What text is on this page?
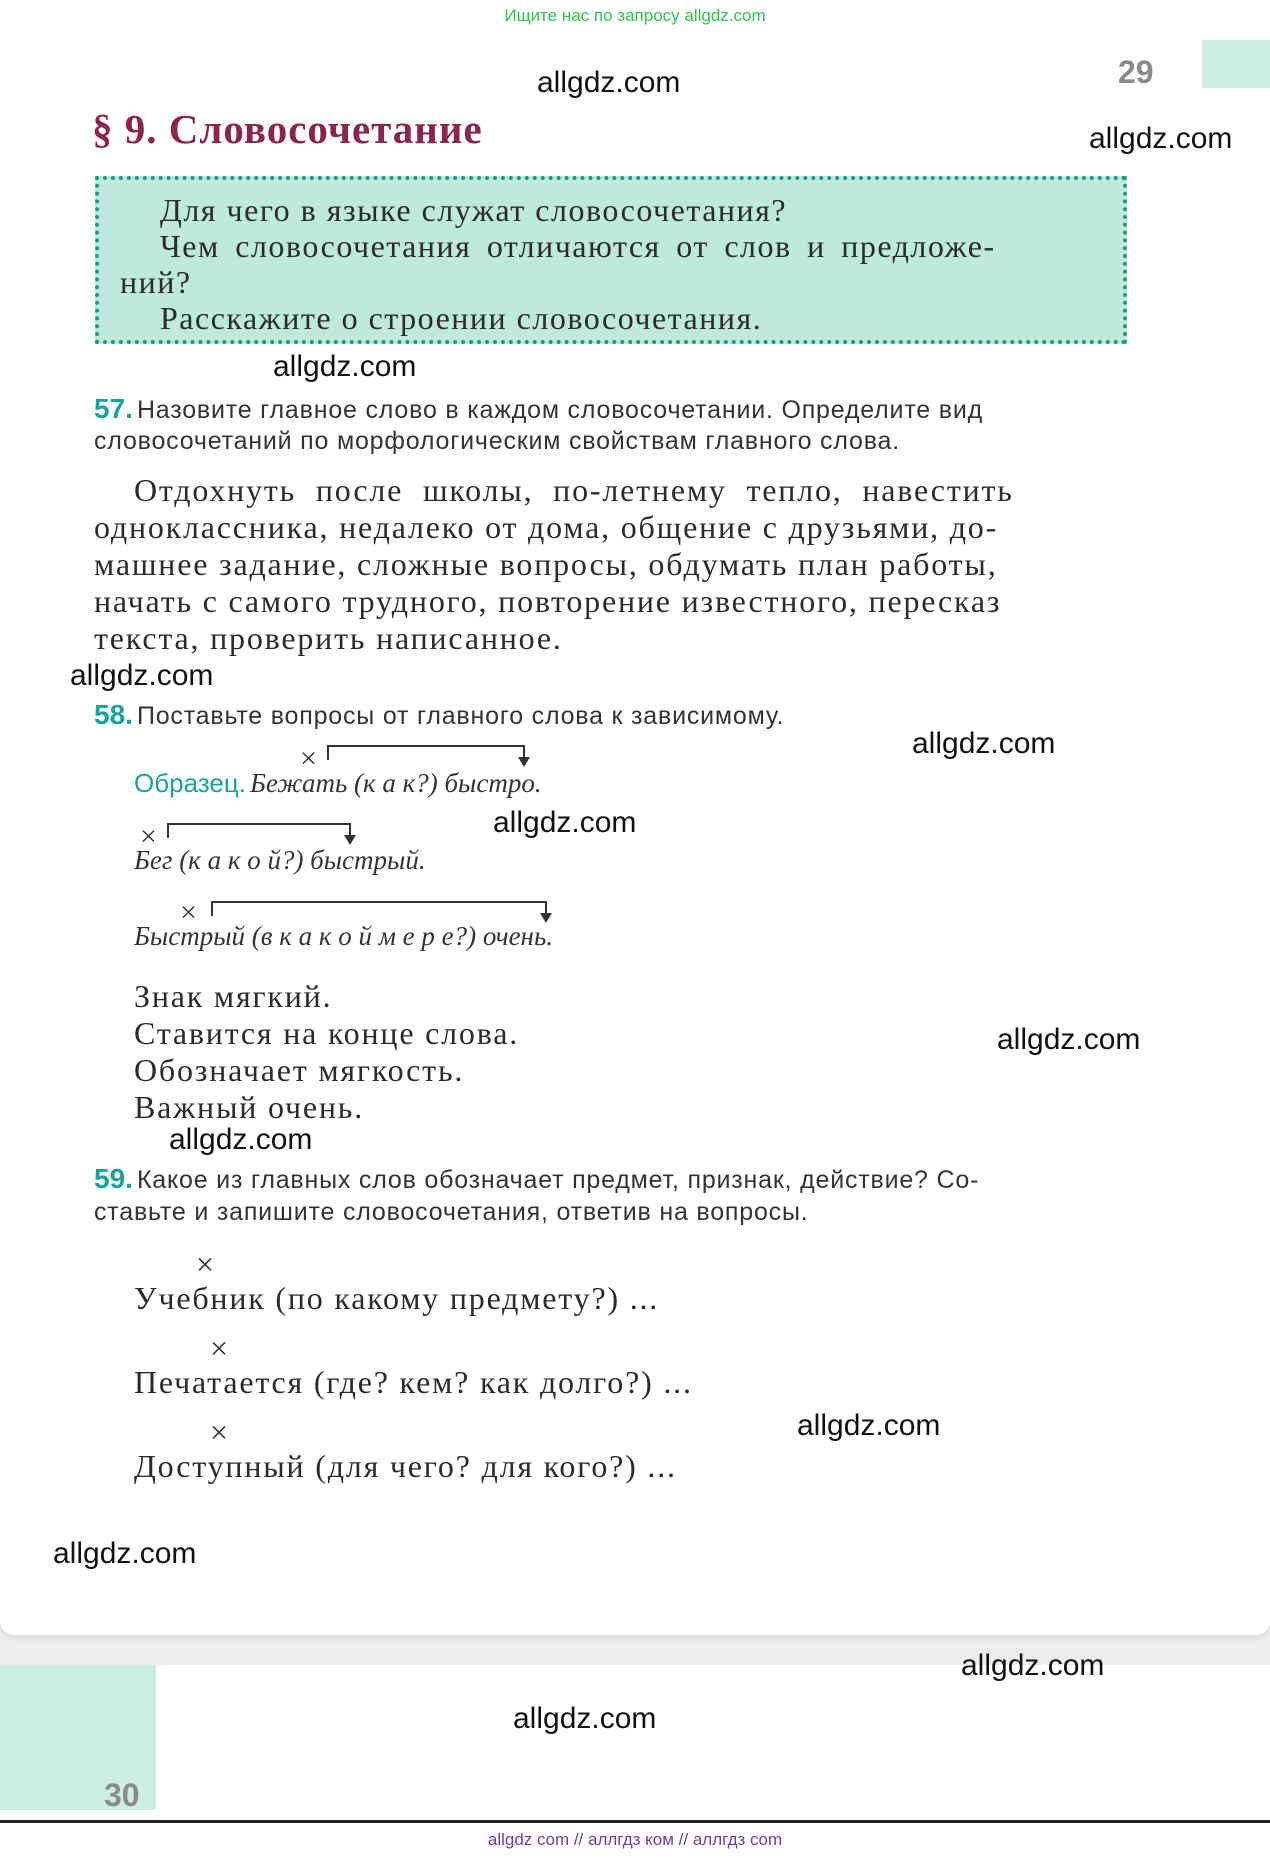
Ищите нас по запросу allgdz.com
29
§ 9. Словосочетание
Для чего в языке служат словосочетания?
Чем словосочетания отличаются от слов и предложе-
ний?
Расскажите о строении словосочетания.
57. Назовите главное слово в каждом словосочетании. Определите вид
словосочетаний по морфологическим свойствам главного слова.
Отдохнуть после школы, по-летнему тепло, навестить
одноклассника, недалеко от дома, общение с друзьями, до-
машнее задание, сложные вопросы, обдумать план работы,
начать с самого трудного, повторение известного, пересказ
текста, проверить написанное.
58. Поставьте вопросы от главного слова к зависимому.
×
×
×
Образец. Бежать (к а к?) быстро.
Бег (к а к о й?) быстрый.
Быстрый (в к а к о й м е р е?) очень.
Знак мягкий.
Ставится на конце слова.
Обозначает мягкость.
Важный очень.
59. Какое из главных слов обозначает предмет, признак, действие? Со-
ставьте и запишите словосочетания, ответив на вопросы.
×
Учебник (по какому предмету?) ...
×
Печатается (где? кем? как долго?) ...
×
Доступный (для чего? для кого?) ...
30
allgdz.com
allgdz.com
allgdz.com
allgdz.com
allgdz.com
allgdz.com
allgdz.com
allgdz.com
allgdz.com
allgdz.com
allgdz.com
allgdz.com
allgdz com // аллгдз ком // аллгдз com
